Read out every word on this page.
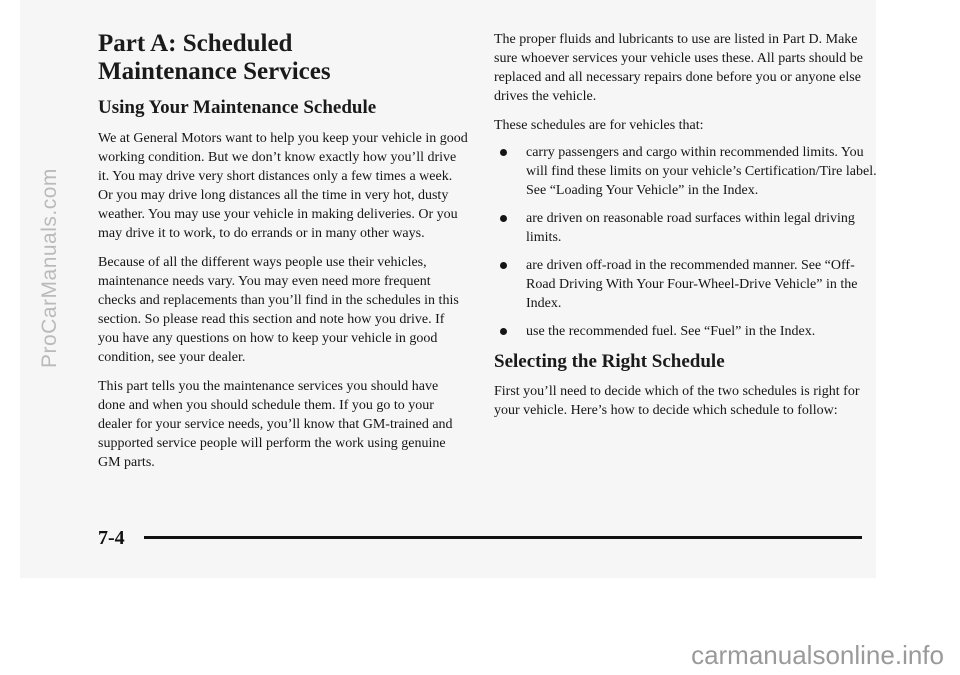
Part A: Scheduled
Maintenance Services
Using Your Maintenance Schedule

We at General Motors want to help you keep your vehicle in good working condition. But we don’t know exactly how you’ll drive it. You may drive very short distances only a few times a week. Or you may drive long distances all the time in very hot, dusty weather. You may use your vehicle in making deliveries. Or you may drive it to work, to do errands or in many other ways.

Because of all the different ways people use their vehicles, maintenance needs vary. You may even need more frequent checks and replacements than you’ll find in the schedules in this section. So please read this section and note how you drive. If you have any questions on how to keep your vehicle in good condition, see your dealer.

This part tells you the maintenance services you should have done and when you should schedule them. If you go to your dealer for your service needs, you’ll know that GM-trained and supported service people will perform the work using genuine GM parts.

The proper fluids and lubricants to use are listed in Part D. Make sure whoever services your vehicle uses these. All parts should be replaced and all necessary repairs done before you or anyone else drives the vehicle.

These schedules are for vehicles that:

carry passengers and cargo within recommended limits. You will find these limits on your vehicle’s Certification/Tire label. See “Loading Your Vehicle” in the Index.
are driven on reasonable road surfaces within legal driving limits.
are driven off-road in the recommended manner. See “Off-Road Driving With Your Four-Wheel-Drive Vehicle” in the Index.
use the recommended fuel. See “Fuel” in the Index.
Selecting the Right Schedule

First you’ll need to decide which of the two schedules is right for your vehicle. Here’s how to decide which schedule to follow:

7-4
ProCarManuals.com
carmanualsonline.info
